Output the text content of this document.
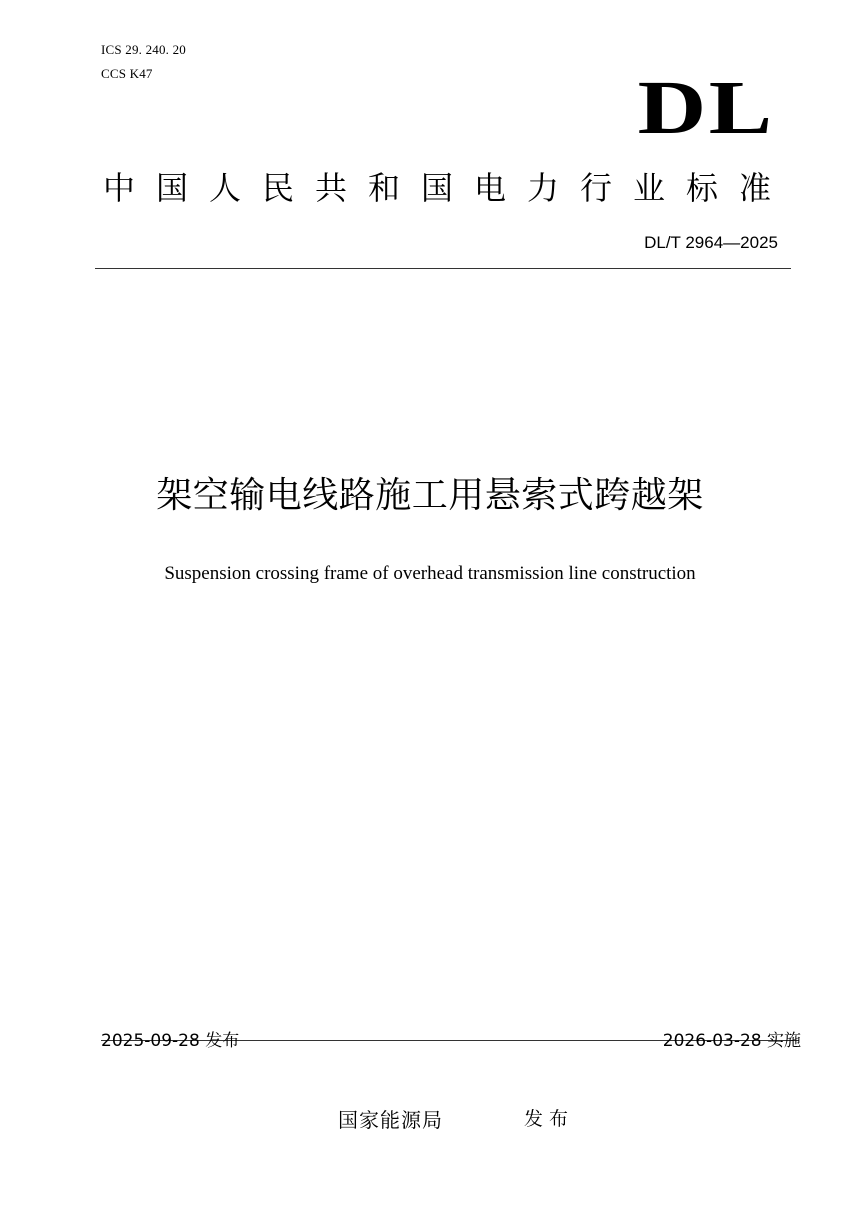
ICS 29. 240. 20
CCS K47	DL
中国人民共和国电力行业标准
DL/T 2964—2025
架空输电线路施工用悬索式跨越架
Suspension crossing frame of overhead transmission line construction
2025-09-28 发布	2026-03-28 实施
国家能源局	发布
